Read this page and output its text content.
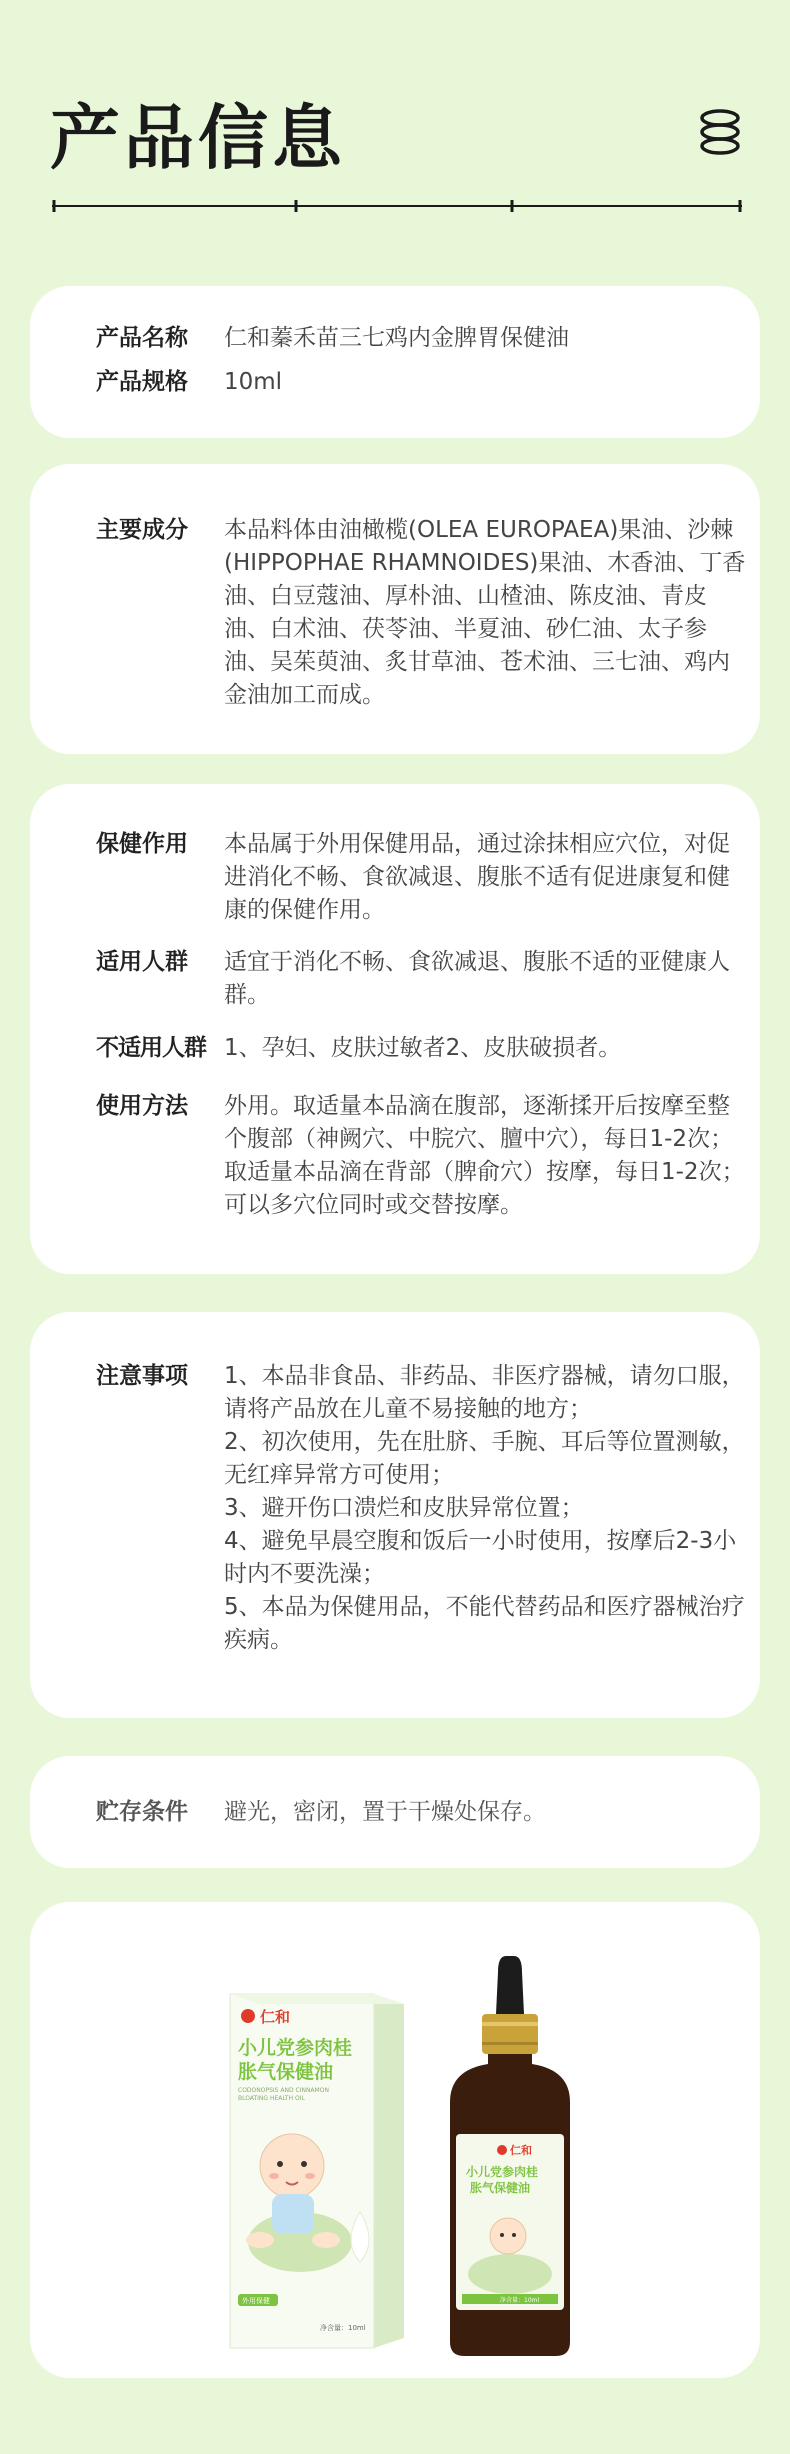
产品信息
产品名称	仁和蓁禾苗三七鸡内金脾胃保健油
产品规格	10ml
主要成分	本品料体由油橄榄(OLEA EUROPAEA)果油、沙棘(HIPPOPHAE RHAMNOIDES)果油、木香油、丁香油、白豆蔻油、厚朴油、山楂油、陈皮油、青皮油、白术油、茯苓油、半夏油、砂仁油、太子参油、吴茱萸油、炙甘草油、苍术油、三七油、鸡内金油加工而成。
保健作用	本品属于外用保健用品，通过涂抹相应穴位，对促进消化不畅、食欲减退、腹胀不适有促进康复和健康的保健作用。
适用人群	适宜于消化不畅、食欲减退、腹胀不适的亚健康人群。
不适用人群 1、孕妇、皮肤过敏者2、皮肤破损者。
使用方法	外用。取适量本品滴在腹部，逐渐揉开后按摩至整个腹部（神阙穴、中脘穴、膻中穴），每日1-2次；取适量本品滴在背部（脾俞穴）按摩，每日1-2次；可以多穴位同时或交替按摩。
注意事项	1、本品非食品、非药品、非医疗器械，请勿口服，请将产品放在儿童不易接触的地方；
2、初次使用，先在肚脐、手腕、耳后等位置测敏，无红痒异常方可使用；
3、避开伤口溃烂和皮肤异常位置；
4、避免早晨空腹和饭后一小时使用，按摩后2-3小时内不要洗澡；
5、本品为保健用品，不能代替药品和医疗器械治疗疾病。
贮存条件	避光，密闭，置于干燥处保存。
仁和
小儿党参肉桂
胀气保健油
CODONOPSIS AND CINNAMON
BLOATING HEALTH OIL
外用保健
净含量：10ml
仁和
小儿党参肉桂
胀气保健油
净含量：10ml
